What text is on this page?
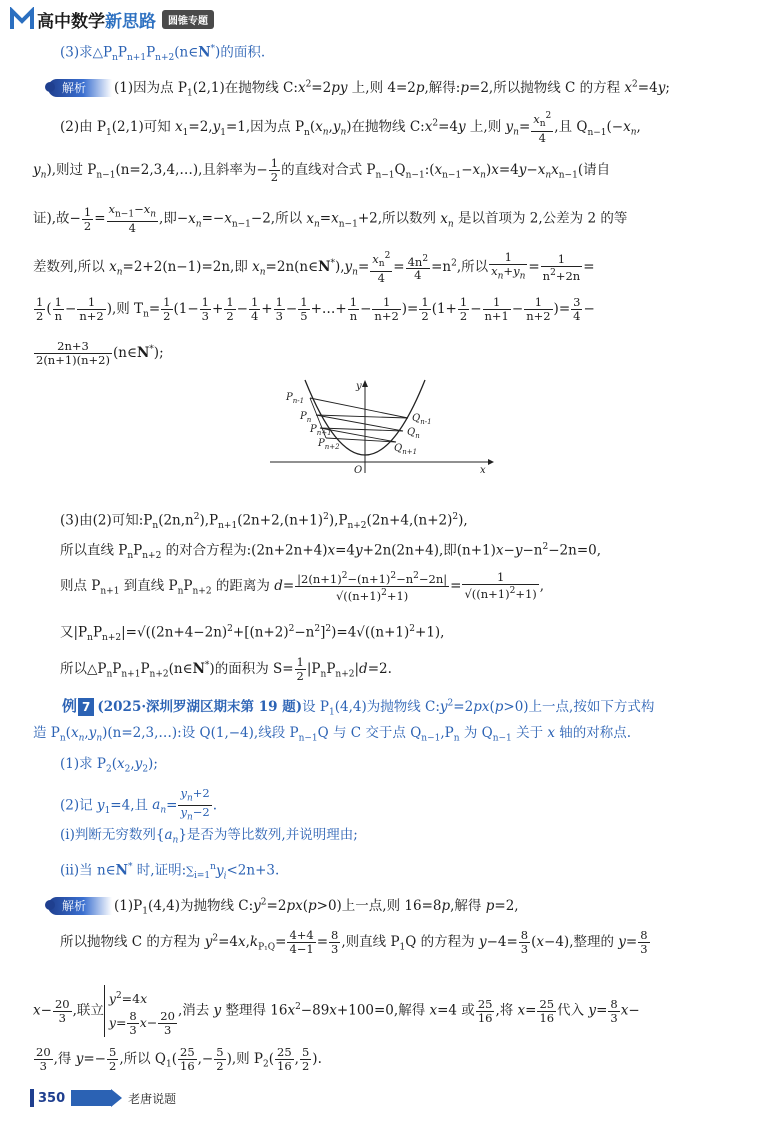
高中数学新思路	圆锥专题
(3)求$\triangle P_nP_{n+1}P_{n+2}(n\in N^*)$的面积.
解析 (1)因为点 $P_1(2,1)$在抛物线 $C:x^2=2py$ 上,则 4=2p,解得:p=2,所以抛物线 C 的方程 $x^2=4y$;
(2)由 $P_1(2,1)$可知 $x_1=2,y_1=1$,因为点 $P_n(x_n,y_n)$在抛物线 $C:x^2=4y$ 上,则 $y_n= \frac{x_n^2}{4}$ ,且 $Q_{n-1}(-x_n$,
$y_n$),则过 $P_{n-1}(n=2,3,4,\dots)$,且斜率为− $\frac{1}{2}$ 的直线对合式 $P_{n-1}Q_{n-1}:(x_{n-1}-x_n)x=4y-x_nx_{n-1}$(请自
证),故− $\frac{1}{2} = \frac{x_{n-1}-x_n}{4}$ ,即$-x_n=-x_{n-1}-2$,所以 $x_n=x_{n-1}+2$,所以数列 $x_n$ 是以首项为 2,公差为 2 的等
差数列,所以 $x_n=2+2(n-1)=2n$,即 $x_n=2n(n\in N^*),y_n= \frac{x_n^2}{4} = \frac{4n^2}{4} =n^2$,所以 $\frac{1}{x_n+y_n} = \frac{1}{n^2+2n}$ =
$\frac{1}{2}$ ( $\frac{1}{n} - \frac{1}{n+2}$ ),则 $T_n= \frac{1}{2} (1- \frac{1}{3} + \frac{1}{2} - \frac{1}{4} + \frac{1}{3} - \frac{1}{5}$ +…+ $\frac{1}{n} - \frac{1}{n+2}$ )= $\frac{1}{2} (1+ \frac{1}{2} - \frac{1}{n+1} - \frac{1}{n+2}$ )= $\frac{3}{4}$ −
$\frac{2n+3}{2(n+1)(n+2)}$ (n∈N*);
$P_{n-1}$
$P_n$
$P_{n+1}$
$P_{n+2}$
$Q_{n-1}$
$Q_n$
$Q_{n+1}$
O	x
y
(3)由(2)可知$:P_n(2n,n^2),P_{n+1}(2n+2,(n+1)^2),P_{n+2}(2n+4,(n+2)^2)$,
所以直线 $P_nP_{n+2}$ 的对合方程为:(2n+2n+4)x=4y+2n(2n+4),即$(n+1)x-y-n^2-2n=0$,
则点 $P_{n+1}$ 到直线 $P_nP_{n+2}$ 的距离为 $d= \frac{|2(n+1)^2-(n+1)^2-n^2-2n|}{√((n+1)^2+1)} = \frac{1}{√((n+1)^2+1)}$ ,
又$|P_nP_{n+2}|=√((2n+4-2n)^2+[(n+2)^2-n^2]^2)=4√((n+1)^2+1)$,
所以$\triangle P_nP_{n+1}P_{n+2}(n\in N^*)$的面积为 $S= \frac{1}{2} |P_nP_{n+2}|d=2$.
例 7 (2025·深圳罗湖区期末第 19 题)设 $P_1(4,4)$为抛物线 $C:y^2=2px(p>0)$上一点,按如下方式构
造 $P_n(x_n,y_n)(n=2,3,\dots)$:设 Q(1,−4),线段 $P_{n-1}Q$ 与 C 交于点 $Q_{n-1},P_n$ 为 $Q_{n-1}$ 关于 x 轴的对称点.
(1)求 $P_2(x_2,y_2)$;
(2)记 $y_1=4$,且 $a_n= \frac{y_n+2}{y_n-2}$ .
(ⅰ)判断无穷数列$\{a_n\}$是否为等比数列,并说明理由;
(ⅱ)当 n∈N* 时,证明$:\sum_{i=1}^ny_i<2n+3$.
解析 $(1)P_1(4,4)$为抛物线 $C:y^2=2px(p>0)$上一点,则 16=8p,解得 p=2,
所以抛物线 C 的方程为 $y^2=4x,k_{P_1Q}= \frac{4+4}{4-1} = \frac{8}{3}$ ,则直线 $P_1Q$ 的方程为 $y-4= \frac{8}{3} (x-4)$,整理的 $y= \frac{8}{3}$
$x- \frac{20}{3}$ ,联立$y^2=4x$
$y= \frac{8}{3} x- \frac{20}{3}$ ,消去 y 整理得 $16x^2-89x+100=0$,解得 x=4 或 $\frac{25}{16}$ ,将 $x= \frac{25}{16}$ 代入 $y= \frac{8}{3} x-$
$\frac{20}{3}$ ,得 $y=- \frac{5}{2}$ ,所以 $Q_1( \frac{25}{16}$ ,− $\frac{5}{2}$ ),则 $P_2( \frac{25}{16}$ , $\frac{5}{2}$ ).
350	老唐说题
